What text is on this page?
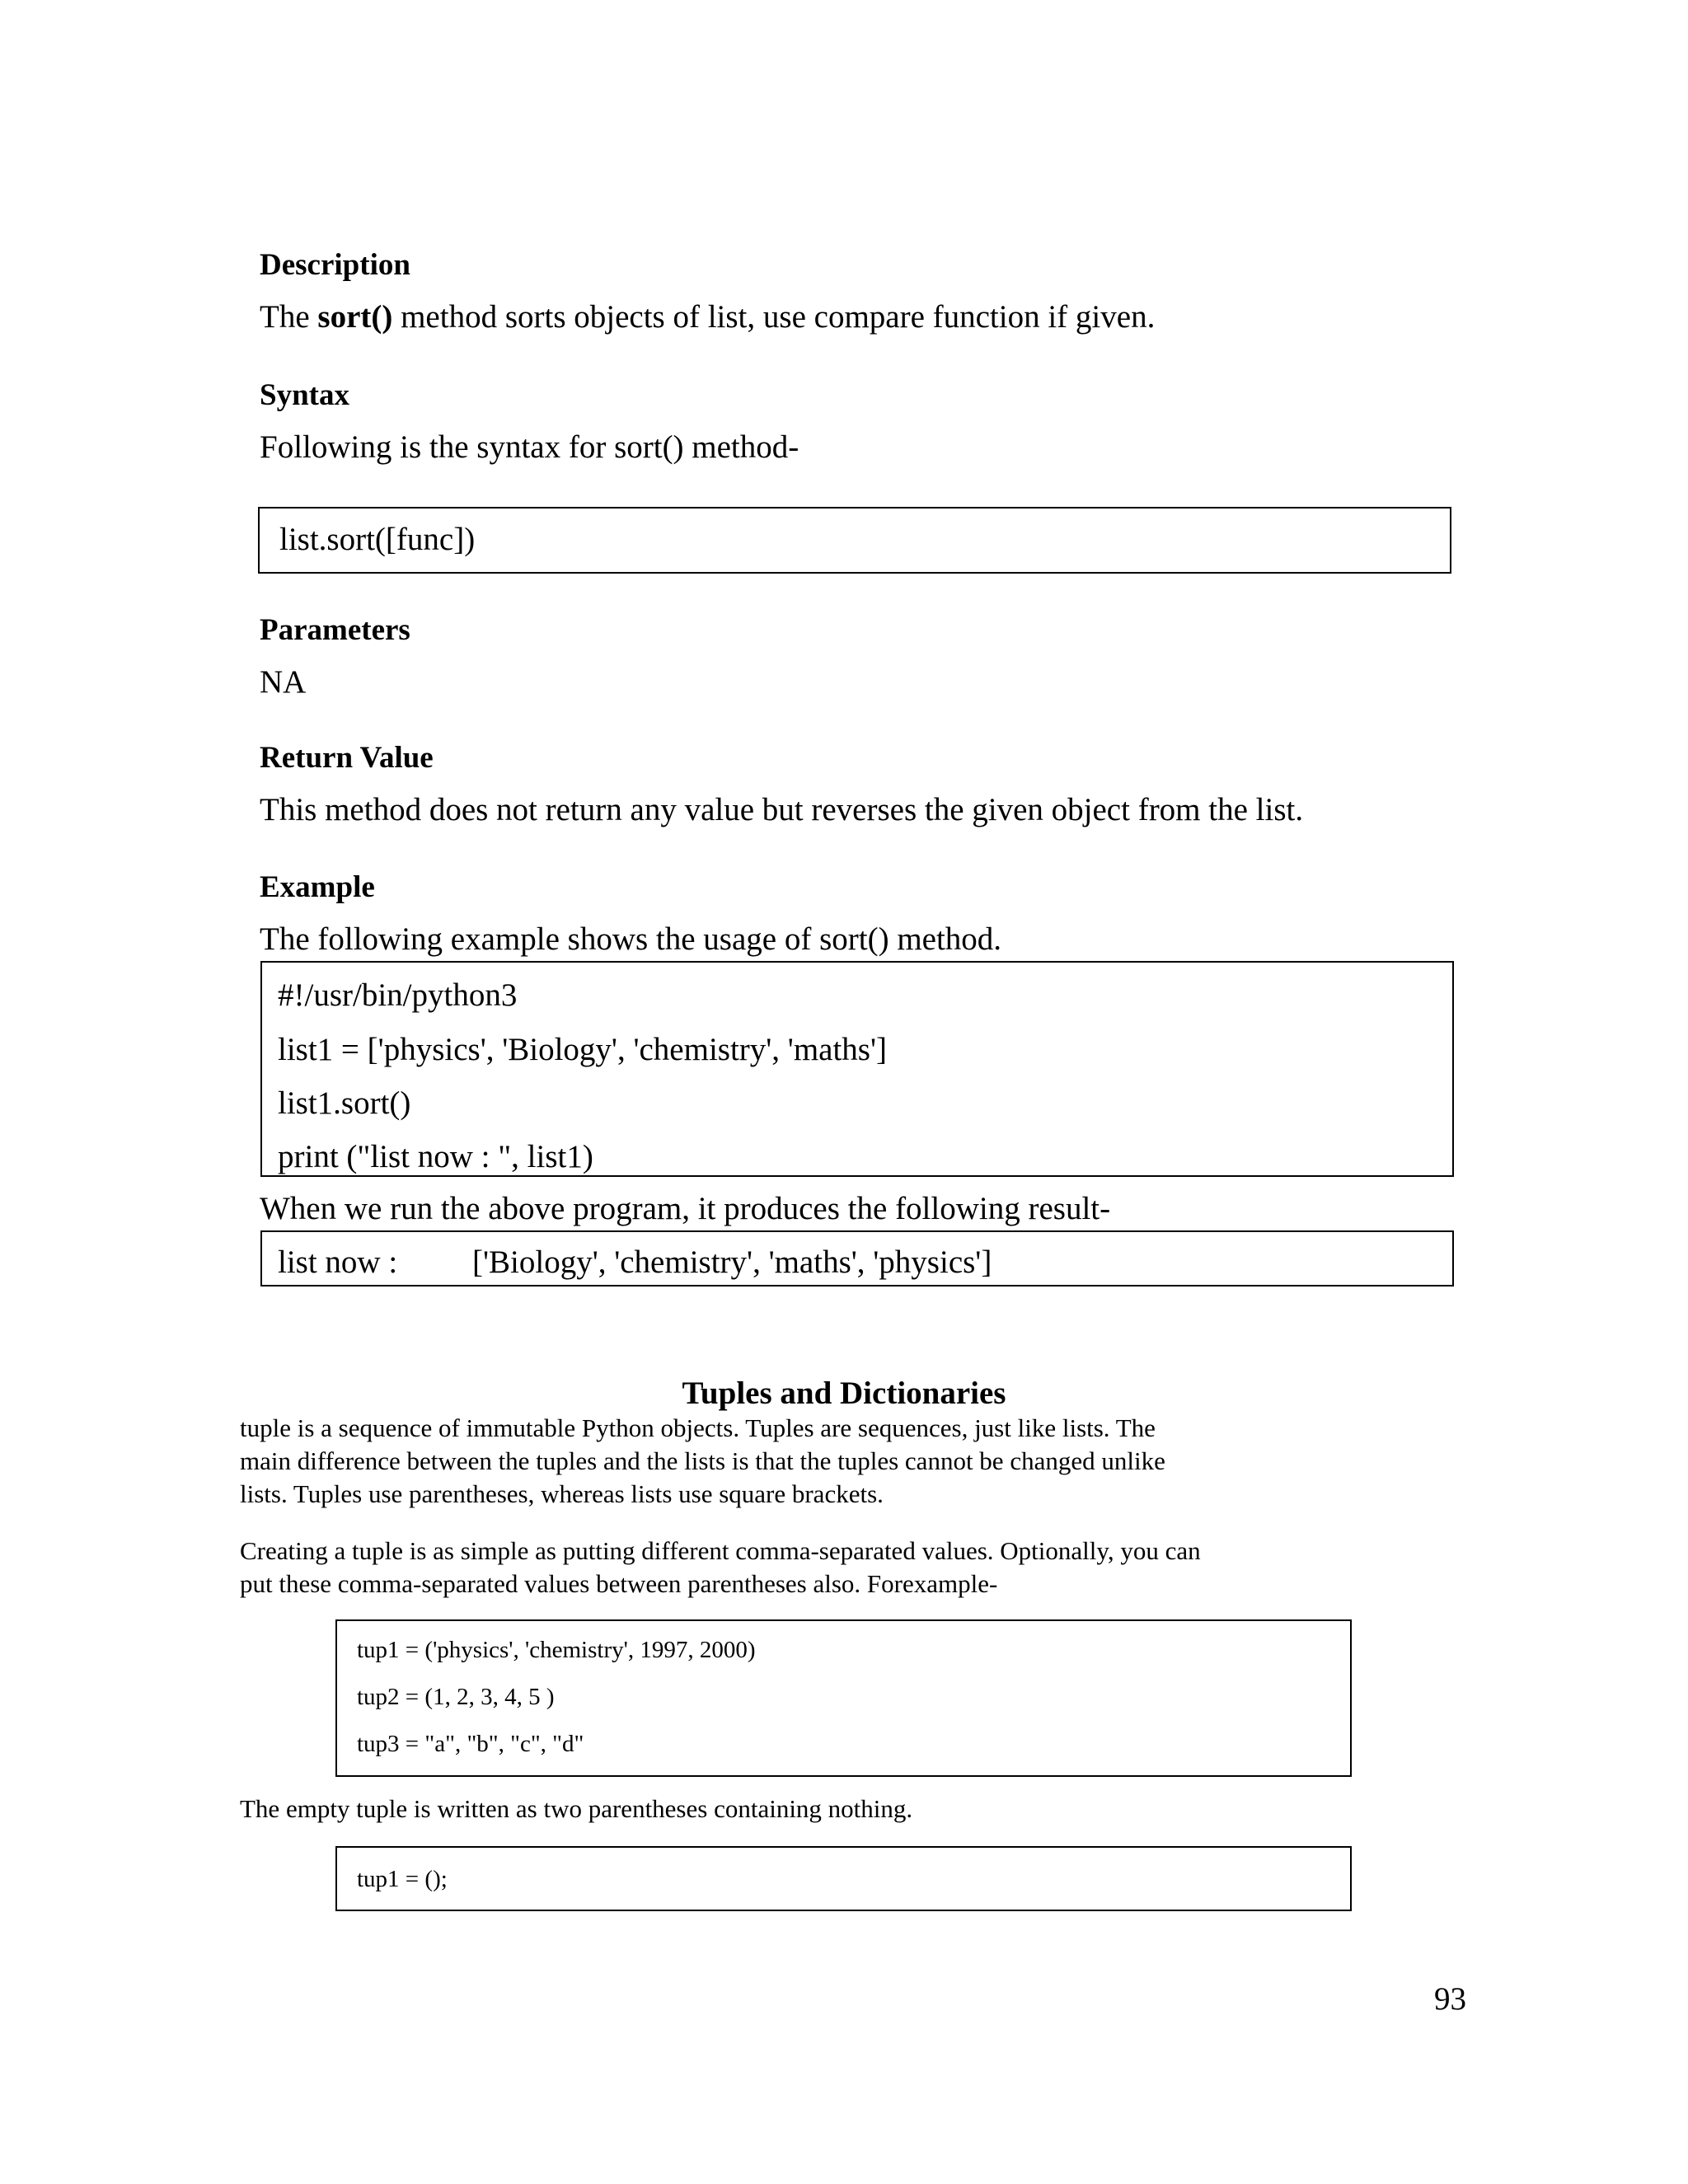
Description
The sort() method sorts objects of list, use compare function if given.
Syntax
Following is the syntax for sort() method-
list.sort([func])
Parameters
NA
Return Value
This method does not return any value but reverses the given object from the list.
Example
The following example shows the usage of sort() method.
#!/usr/bin/python3
list1 = ['physics', 'Biology', 'chemistry', 'maths']
list1.sort()
print ("list now : ", list1)
When we run the above program, it produces the following result-
list now : ['Biology', 'chemistry', 'maths', 'physics']
Tuples and Dictionaries
tuple is a sequence of immutable Python objects. Tuples are sequences, just like lists. The
main difference between the tuples and the lists is that the tuples cannot be changed unlike
lists. Tuples use parentheses, whereas lists use square brackets.
Creating a tuple is as simple as putting different comma-separated values. Optionally, you can
put these comma-separated values between parentheses also. Forexample-
tup1 = ('physics', 'chemistry', 1997, 2000)
tup2 = (1, 2, 3, 4, 5 )
tup3 = "a", "b", "c", "d"
The empty tuple is written as two parentheses containing nothing.
tup1 = ();
93
